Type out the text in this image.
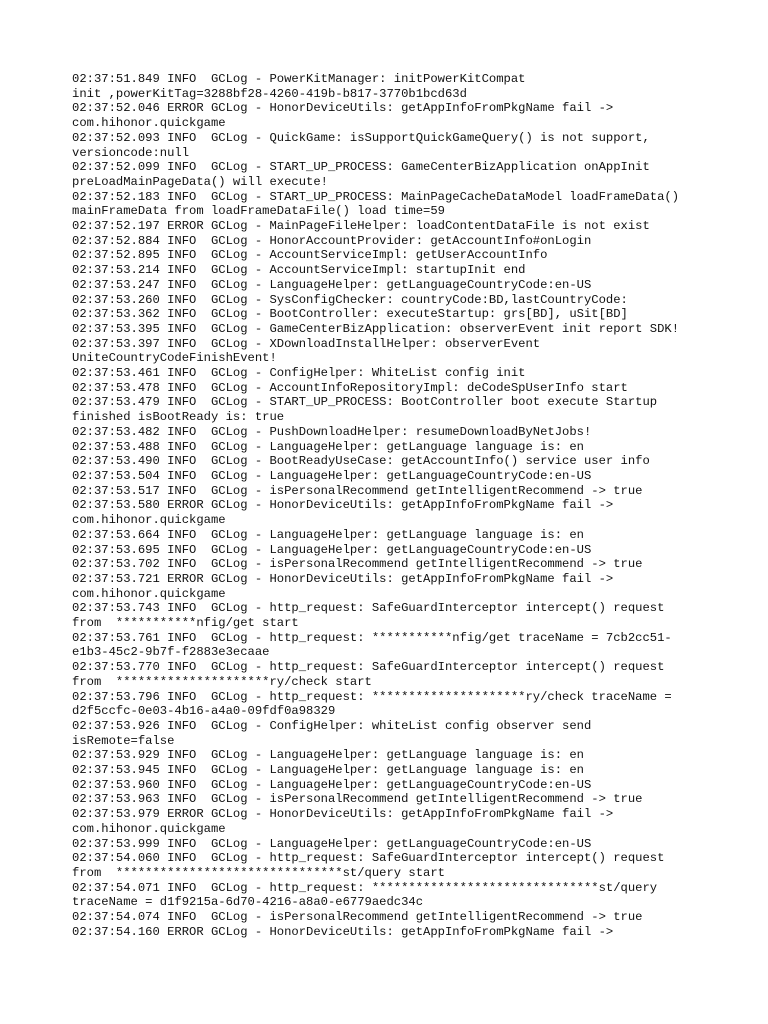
02:37:51.849 INFO  GCLog - PowerKitManager: initPowerKitCompat
init ,powerKitTag=3288bf28-4260-419b-b817-3770b1bcd63d
02:37:52.046 ERROR GCLog - HonorDeviceUtils: getAppInfoFromPkgName fail ->
com.hihonor.quickgame
02:37:52.093 INFO  GCLog - QuickGame: isSupportQuickGameQuery() is not support,
versioncode:null
02:37:52.099 INFO  GCLog - START_UP_PROCESS: GameCenterBizApplication onAppInit
preLoadMainPageData() will execute!
02:37:52.183 INFO  GCLog - START_UP_PROCESS: MainPageCacheDataModel loadFrameData()
mainFrameData from loadFrameDataFile() load time=59
02:37:52.197 ERROR GCLog - MainPageFileHelper: loadContentDataFile is not exist
02:37:52.884 INFO  GCLog - HonorAccountProvider: getAccountInfo#onLogin
02:37:52.895 INFO  GCLog - AccountServiceImpl: getUserAccountInfo
02:37:53.214 INFO  GCLog - AccountServiceImpl: startupInit end
02:37:53.247 INFO  GCLog - LanguageHelper: getLanguageCountryCode:en-US
02:37:53.260 INFO  GCLog - SysConfigChecker: countryCode:BD,lastCountryCode:
02:37:53.362 INFO  GCLog - BootController: executeStartup: grs[BD], uSit[BD]
02:37:53.395 INFO  GCLog - GameCenterBizApplication: observerEvent init report SDK!
02:37:53.397 INFO  GCLog - XDownloadInstallHelper: observerEvent
UniteCountryCodeFinishEvent!
02:37:53.461 INFO  GCLog - ConfigHelper: WhiteList config init
02:37:53.478 INFO  GCLog - AccountInfoRepositoryImpl: deCodeSpUserInfo start
02:37:53.479 INFO  GCLog - START_UP_PROCESS: BootController boot execute Startup
finished isBootReady is: true
02:37:53.482 INFO  GCLog - PushDownloadHelper: resumeDownloadByNetJobs!
02:37:53.488 INFO  GCLog - LanguageHelper: getLanguage language is: en
02:37:53.490 INFO  GCLog - BootReadyUseCase: getAccountInfo() service user info
02:37:53.504 INFO  GCLog - LanguageHelper: getLanguageCountryCode:en-US
02:37:53.517 INFO  GCLog - isPersonalRecommend getIntelligentRecommend -> true
02:37:53.580 ERROR GCLog - HonorDeviceUtils: getAppInfoFromPkgName fail ->
com.hihonor.quickgame
02:37:53.664 INFO  GCLog - LanguageHelper: getLanguage language is: en
02:37:53.695 INFO  GCLog - LanguageHelper: getLanguageCountryCode:en-US
02:37:53.702 INFO  GCLog - isPersonalRecommend getIntelligentRecommend -> true
02:37:53.721 ERROR GCLog - HonorDeviceUtils: getAppInfoFromPkgName fail ->
com.hihonor.quickgame
02:37:53.743 INFO  GCLog - http_request: SafeGuardInterceptor intercept() request
from  ***********nfig/get start
02:37:53.761 INFO  GCLog - http_request: ***********nfig/get traceName = 7cb2cc51-
e1b3-45c2-9b7f-f2883e3ecaae
02:37:53.770 INFO  GCLog - http_request: SafeGuardInterceptor intercept() request
from  *********************ry/check start
02:37:53.796 INFO  GCLog - http_request: *********************ry/check traceName =
d2f5ccfc-0e03-4b16-a4a0-09fdf0a98329
02:37:53.926 INFO  GCLog - ConfigHelper: whiteList config observer send
isRemote=false
02:37:53.929 INFO  GCLog - LanguageHelper: getLanguage language is: en
02:37:53.945 INFO  GCLog - LanguageHelper: getLanguage language is: en
02:37:53.960 INFO  GCLog - LanguageHelper: getLanguageCountryCode:en-US
02:37:53.963 INFO  GCLog - isPersonalRecommend getIntelligentRecommend -> true
02:37:53.979 ERROR GCLog - HonorDeviceUtils: getAppInfoFromPkgName fail ->
com.hihonor.quickgame
02:37:53.999 INFO  GCLog - LanguageHelper: getLanguageCountryCode:en-US
02:37:54.060 INFO  GCLog - http_request: SafeGuardInterceptor intercept() request
from  *******************************st/query start
02:37:54.071 INFO  GCLog - http_request: *******************************st/query
traceName = d1f9215a-6d70-4216-a8a0-e6779aedc34c
02:37:54.074 INFO  GCLog - isPersonalRecommend getIntelligentRecommend -> true
02:37:54.160 ERROR GCLog - HonorDeviceUtils: getAppInfoFromPkgName fail ->
